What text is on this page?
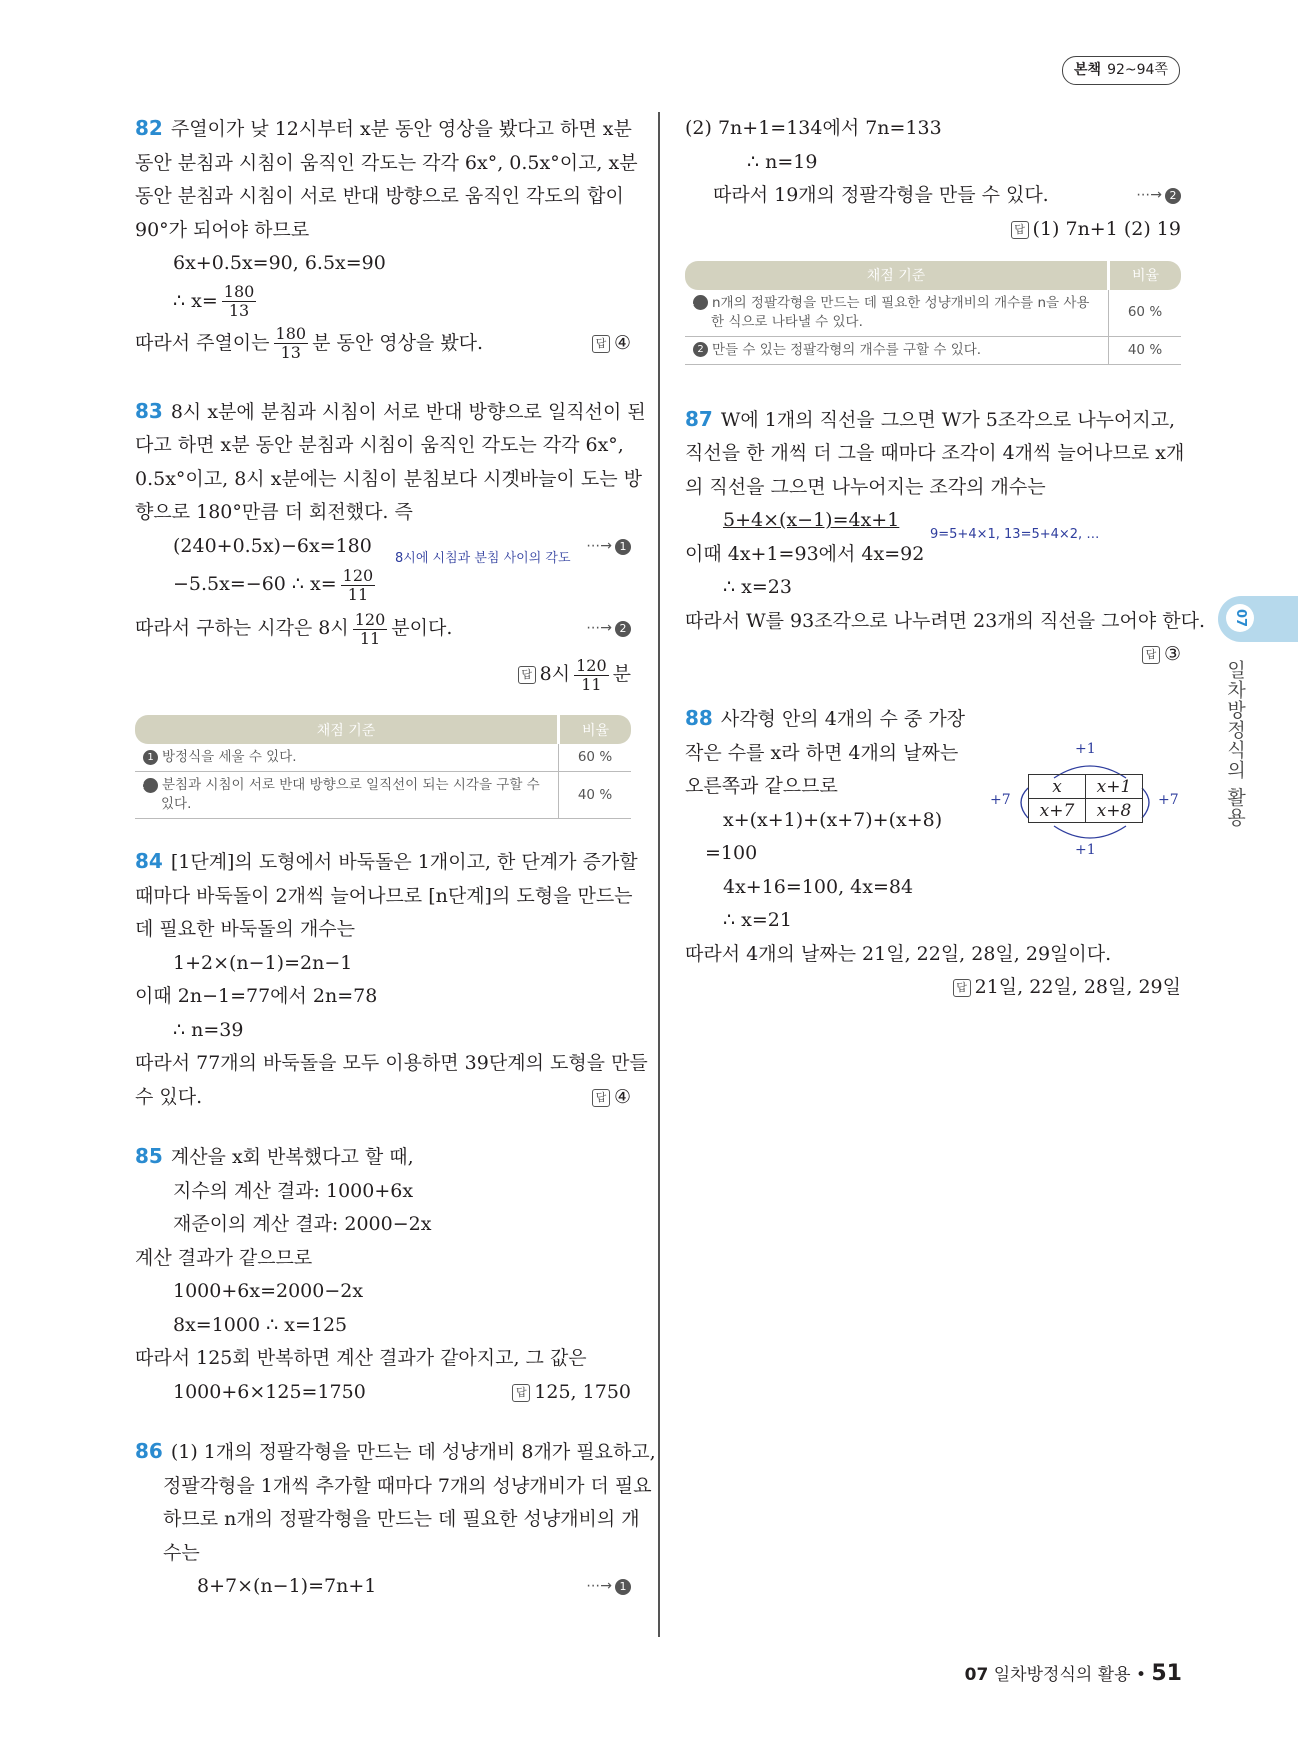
본책 92~94쪽
82 주열이가 낮 12시부터 x분 동안 영상을 봤다고 하면 x분
동안 분침과 시침이 움직인 각도는 각각 6x°, 0.5x°이고, x분
동안 분침과 시침이 서로 반대 방향으로 움직인 각도의 합이
90°가 되어야 하므로
6x+0.5x=90, 6.5x=90
∴ $x= \frac{180}{13}$
따라서 주열이는 $\frac{180}{13}$ 분 동안 영상을 봤다.	답 ④
83 8시 x분에 분침과 시침이 서로 반대 방향으로 일직선이 된
다고 하면 x분 동안 분침과 시침이 움직인 각도는 각각 6x°,
0.5x°이고, 8시 x분에는 시침이 분침보다 시곗바늘이 도는 방
향으로 180°만큼 더 회전했다. 즉
(240+0.5x)−6x=180
8시에 시침과 분침 사이의 각도
⋯→ 1
−5.5x=−60 ∴ $x= \frac{120}{11}$
따라서 구하는 시각은 8시 $\frac{120}{11}$ 분이다.	⋯→ 2
답 8시 $\frac{120}{11}$ 분
채점 기준	비율
1 방정식을 세울 수 있다.	60 %
2 분침과 시침이 서로 반대 방향으로 일직선이 되는 시각을 구할 수 있다.	40 %
84 [1단계]의 도형에서 바둑돌은 1개이고, 한 단계가 증가할
때마다 바둑돌이 2개씩 늘어나므로 [n단계]의 도형을 만드는
데 필요한 바둑돌의 개수는
1+2×(n−1)=2n−1
이때 2n−1=77에서 2n=78
∴ n=39
따라서 77개의 바둑돌을 모두 이용하면 39단계의 도형을 만들
수 있다.	답 ④
85 계산을 x회 반복했다고 할 때,
지수의 계산 결과: 1000+6x
재준이의 계산 결과: 2000−2x
계산 결과가 같으므로
1000+6x=2000−2x
8x=1000 ∴ x=125
따라서 125회 반복하면 계산 결과가 같아지고, 그 값은
1000+6×125=1750	답 125, 1750
86 (1) 1개의 정팔각형을 만드는 데 성냥개비 8개가 필요하고,
정팔각형을 1개씩 추가할 때마다 7개의 성냥개비가 더 필요
하므로 n개의 정팔각형을 만드는 데 필요한 성냥개비의 개
수는
8+7×(n−1)=7n+1	⋯→ 1
(2) 7n+1=134에서 7n=133
∴ n=19
따라서 19개의 정팔각형을 만들 수 있다.	⋯→ 2
답 (1) 7n+1 (2) 19
채점 기준	비율
1 n개의 정팔각형을 만드는 데 필요한 성냥개비의 개수를 n을 사용한 식으로 나타낼 수 있다.	60 %
2 만들 수 있는 정팔각형의 개수를 구할 수 있다.	40 %
87 W에 1개의 직선을 그으면 W가 5조각으로 나누어지고,
직선을 한 개씩 더 그을 때마다 조각이 4개씩 늘어나므로 x개
의 직선을 그으면 나누어지는 조각의 개수는
5+4×(x−1)=4x+1
9=5+4×1, 13=5+4×2, …
이때 4x+1=93에서 4x=92
∴ x=23
따라서 W를 93조각으로 나누려면 23개의 직선을 그어야 한다.
답 ③
88 사각형 안의 4개의 수 중 가장
작은 수를 x라 하면 4개의 날짜는
오른쪽과 같으므로
x+(x+1)+(x+7)+(x+8)
=100
4x+16=100, 4x=84
∴ x=21
따라서 4개의 날짜는 21일, 22일, 28일, 29일이다.
답 21일, 22일, 28일, 29일
+1
+1
+7	+7
x	x+1
x+7	x+8
07
일차방정식의 활용
07 일차방정식의 활용 • 51
